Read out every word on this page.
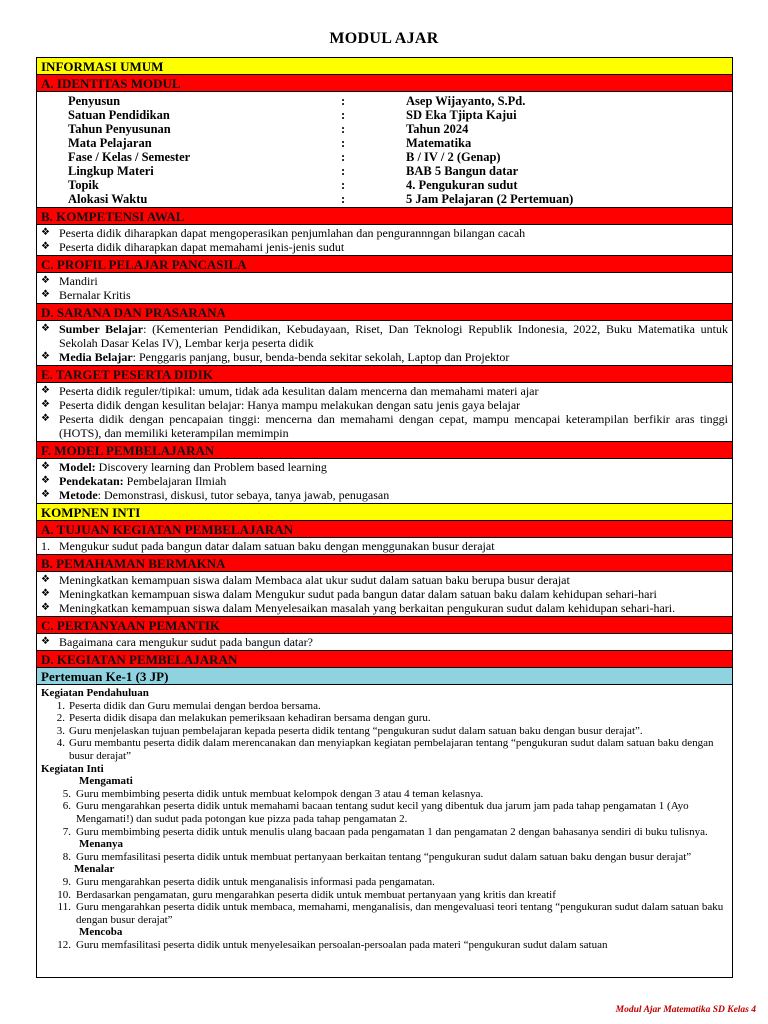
MODUL AJAR
INFORMASI UMUM
A. IDENTITAS MODUL
Penyusun	:	Asep Wijayanto, S.Pd.
Satuan Pendidikan	:	SD Eka Tjipta Kajui
Tahun Penyusunan	:	Tahun 2024
Mata Pelajaran	:	Matematika
Fase / Kelas / Semester	:	B / IV / 2 (Genap)
Lingkup Materi	:	BAB 5 Bangun datar
Topik	:	4. Pengukuran sudut
Alokasi Waktu	:	5 Jam Pelajaran (2 Pertemuan)
B. KOMPETENSI AWAL
❖ Peserta didik diharapkan dapat mengoperasikan penjumlahan dan pengurannngan bilangan cacah
❖ Peserta didik diharapkan dapat memahami jenis-jenis sudut
C. PROFIL PELAJAR PANCASILA
❖ Mandiri
❖ Bernalar Kritis
D. SARANA DAN PRASARANA
❖ Sumber Belajar: (Kementerian Pendidikan, Kebudayaan, Riset, Dan Teknologi Republik Indonesia, 2022, Buku Matematika untuk Sekolah Dasar Kelas IV), Lembar kerja peserta didik
❖ Media Belajar: Penggaris panjang, busur, benda-benda sekitar sekolah, Laptop dan Projektor
E. TARGET PESERTA DIDIK
❖ Peserta didik reguler/tipikal: umum, tidak ada kesulitan dalam mencerna dan memahami materi ajar
❖ Peserta didik dengan kesulitan belajar: Hanya mampu melakukan dengan satu jenis gaya belajar
❖ Peserta didik dengan pencapaian tinggi: mencerna dan memahami dengan cepat, mampu mencapai keterampilan berfikir aras tinggi (HOTS), dan memiliki keterampilan memimpin
F. MODEL PEMBELAJARAN
❖ Model: Discovery learning dan Problem based learning
❖ Pendekatan: Pembelajaran Ilmiah
❖ Metode: Demonstrasi, diskusi, tutor sebaya, tanya jawab, penugasan
KOMPNEN INTI
A. TUJUAN KEGIATAN PEMBELAJARAN
1. Mengukur sudut pada bangun datar dalam satuan baku dengan menggunakan busur derajat
B. PEMAHAMAN BERMAKNA
❖ Meningkatkan kemampuan siswa dalam Membaca alat ukur sudut dalam satuan baku berupa busur derajat
❖ Meningkatkan kemampuan siswa dalam Mengukur sudut pada bangun datar dalam satuan baku dalam kehidupan sehari-hari
❖ Meningkatkan kemampuan siswa dalam Menyelesaikan masalah yang berkaitan pengukuran sudut dalam kehidupan sehari-hari.
C. PERTANYAAN PEMANTIK
❖ Bagaimana cara mengukur sudut pada bangun datar?
D. KEGIATAN PEMBELAJARAN
Pertemuan Ke-1 (3 JP)
Kegiatan Pendahuluan
1. Peserta didik dan Guru memulai dengan berdoa bersama.
2. Peserta didik disapa dan melakukan pemeriksaan kehadiran bersama dengan guru.
3. Guru menjelaskan tujuan pembelajaran kepada peserta didik tentang “pengukuran sudut dalam satuan baku dengan busur derajat”.
4. Guru membantu peserta didik dalam merencanakan dan menyiapkan kegiatan pembelajaran tentang “pengukuran sudut dalam satuan baku dengan busur derajat”
Kegiatan Inti
Mengamati
5. Guru membimbing peserta didik untuk membuat kelompok dengan 3 atau 4 teman kelasnya.
6. Guru mengarahkan peserta didik untuk memahami bacaan tentang sudut kecil yang dibentuk dua jarum jam pada tahap pengamatan 1 (Ayo Mengamati!) dan sudut pada potongan kue pizza pada tahap pengamatan 2.
7. Guru membimbing peserta didik untuk menulis ulang bacaan pada pengamatan 1 dan pengamatan 2 dengan bahasanya sendiri di buku tulisnya.
Menanya
8. Guru memfasilitasi peserta didik untuk membuat pertanyaan berkaitan tentang “pengukuran sudut dalam satuan baku dengan busur derajat”
Menalar
9. Guru mengarahkan peserta didik untuk menganalisis informasi pada pengamatan.
10. Berdasarkan pengamatan, guru mengarahkan peserta didik untuk membuat pertanyaan yang kritis dan kreatif
11. Guru mengarahkan peserta didik untuk membaca, memahami, menganalisis, dan mengevaluasi teori tentang “pengukuran sudut dalam satuan baku dengan busur derajat”
Mencoba
12. Guru memfasilitasi peserta didik untuk menyelesaikan persoalan-persoalan pada materi “pengukuran sudut dalam satuan
Modul Ajar Matematika SD Kelas 4
